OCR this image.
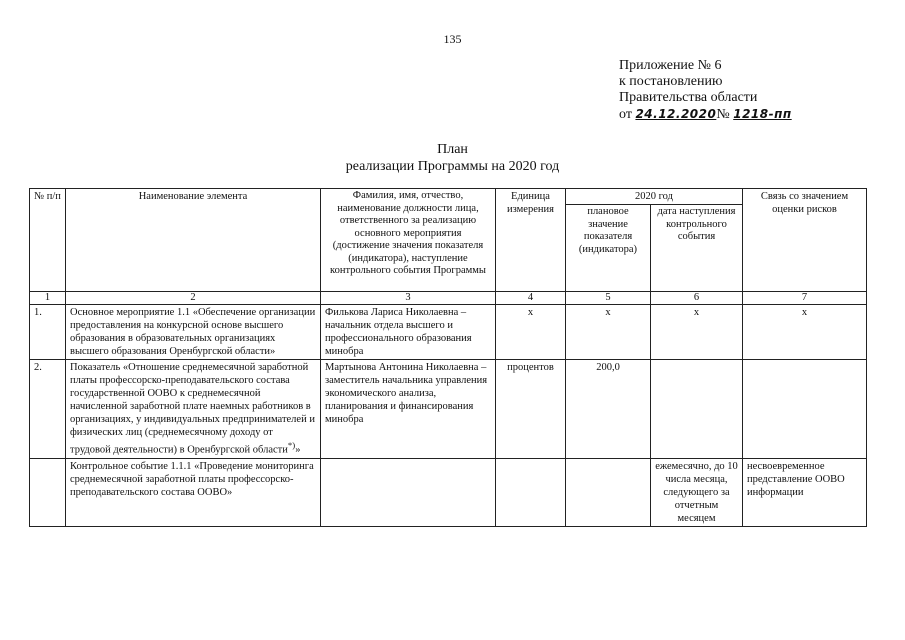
135
Приложение № 6
к постановлению
Правительства области
от 24.12.2020№ 1218-пп
План
реализации Программы на 2020 год
№ п/п	Наименование элемента	Фамилия, имя, отчество, наименование должности лица, ответственного за реализацию основного мероприятия (достижение значения показателя (индикатора), наступление контрольного события Программы	Единица измерения	2020 год		Связь со значением оценки рисков
				плановое значение показателя (индикатора)	дата наступления контрольного события	
1	2	3	4	5	6	7
1.	Основное мероприятие 1.1 «Обеспечение организации предоставления на конкурсной основе высшего образования в образовательных организациях высшего образования Оренбургской области»	Филькова Лариса Николаевна – начальник отдела высшего и профессионального образования минобра	х	х	х	х
2.	Показатель «Отношение среднемесячной заработной платы профессорско-преподавательского состава государственной ООВО к среднемесячной начисленной заработной плате наемных работников в организациях, у индивидуальных предпринимателей и физических лиц (среднемесячному доходу от трудовой деятельности) в Оренбургской области*)»	Мартынова Антонина Николаевна – заместитель начальника управления экономического анализа, планирования и финансирования минобра	процентов	200,0		
	Контрольное событие 1.1.1 «Проведение мониторинга среднемесячной заработной платы профессорско-преподавательского состава ООВО»				ежемесячно, до 10 числа месяца, следующего за отчетным месяцем	несвоевременное представление ООВО информации
